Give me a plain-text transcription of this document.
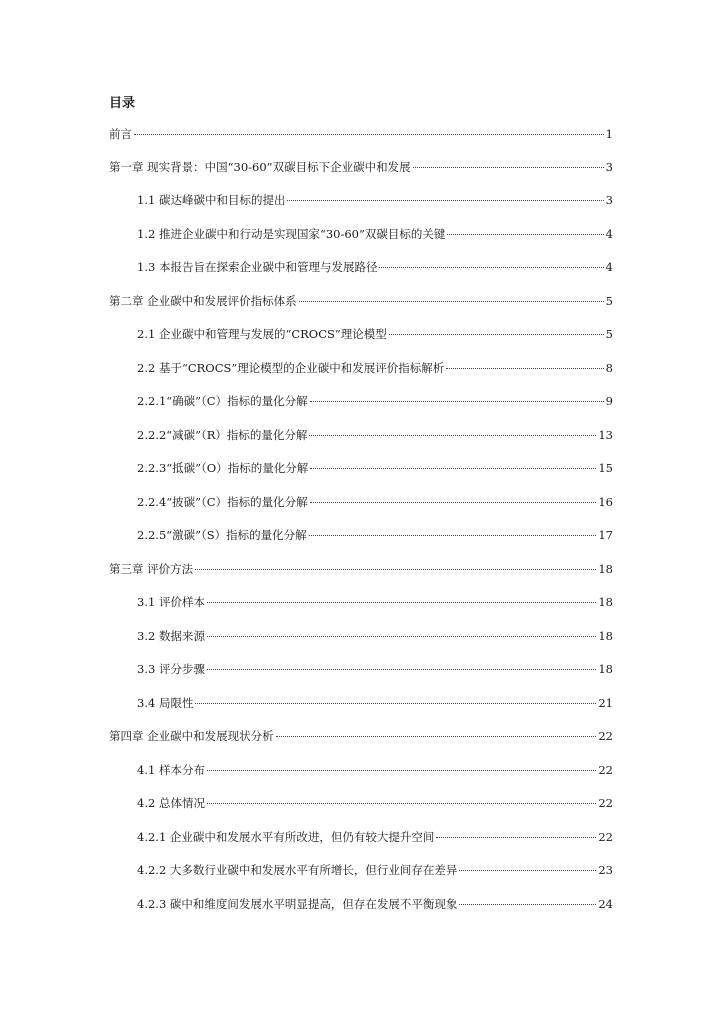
目录
前言	1
第一章 现实背景：中国“30-60”双碳目标下企业碳中和发展	3
1.1 碳达峰碳中和目标的提出	3
1.2 推进企业碳中和行动是实现国家“30-60”双碳目标的关键	4
1.3 本报告旨在探索企业碳中和管理与发展路径	4
第二章 企业碳中和发展评价指标体系	5
2.1 企业碳中和管理与发展的“CROCS”理论模型	5
2.2 基于“CROCS”理论模型的企业碳中和发展评价指标解析	8
2.2.1“确碳”（C）指标的量化分解	9
2.2.2“减碳”（R）指标的量化分解	13
2.2.3“抵碳”（O）指标的量化分解	15
2.2.4“披碳”（C）指标的量化分解	16
2.2.5“激碳”（S）指标的量化分解	17
第三章 评价方法	18
3.1 评价样本	18
3.2 数据来源	18
3.3 评分步骤	18
3.4 局限性	21
第四章 企业碳中和发展现状分析	22
4.1 样本分布	22
4.2 总体情况	22
4.2.1 企业碳中和发展水平有所改进，但仍有较大提升空间	22
4.2.2 大多数行业碳中和发展水平有所增长，但行业间存在差异	23
4.2.3 碳中和维度间发展水平明显提高，但存在发展不平衡现象	24
